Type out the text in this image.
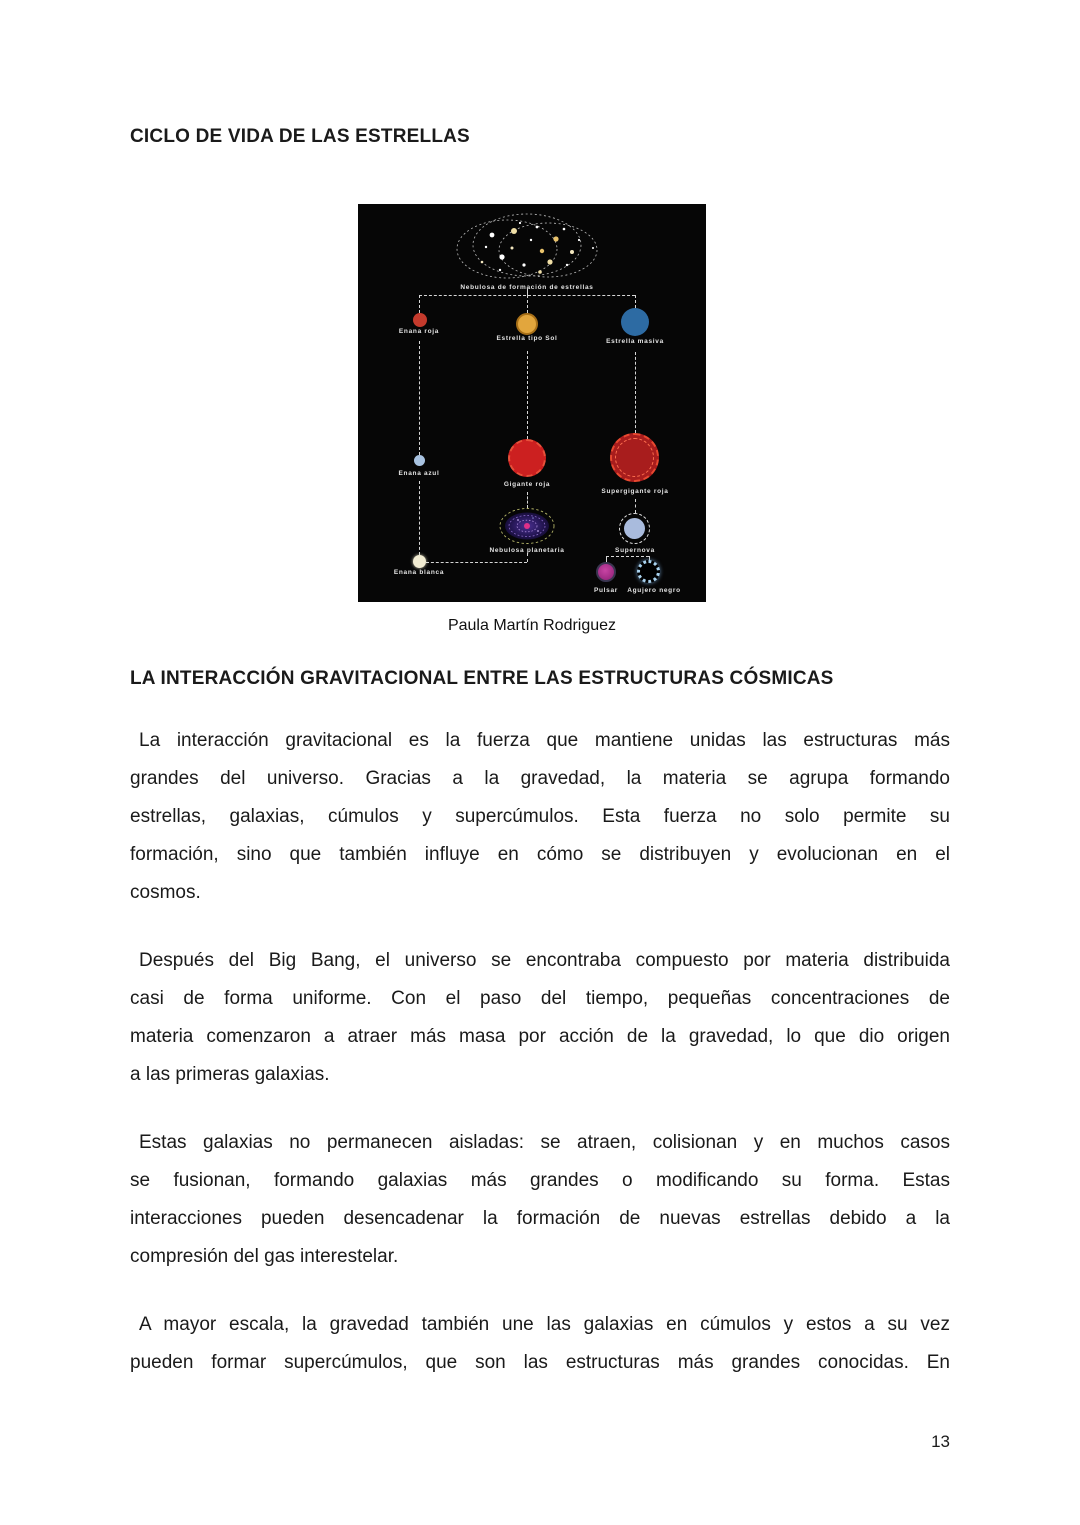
CICLO DE VIDA DE LAS ESTRELLAS
Nebulosa de formación de estrellas
Enana roja
Estrella tipo Sol	Estrella masiva
Enana azul
Gigante roja
Supergigante roja
Enana blanca
Nebulosa planetaria	Supernova
Pulsar Agujero negro
Paula Martín Rodriguez
LA INTERACCIÓN GRAVITACIONAL ENTRE LAS ESTRUCTURAS CÓSMICAS
La interacción gravitacional es la fuerza que mantiene unidas las estructuras más
grandes del universo. Gracias a la gravedad, la materia se agrupa formando
estrellas, galaxias, cúmulos y supercúmulos. Esta fuerza no solo permite su
formación, sino que también influye en cómo se distribuyen y evolucionan en el
cosmos.
Después del Big Bang, el universo se encontraba compuesto por materia distribuida
casi de forma uniforme. Con el paso del tiempo, pequeñas concentraciones de
materia comenzaron a atraer más masa por acción de la gravedad, lo que dio origen
a las primeras galaxias.
Estas galaxias no permanecen aisladas: se atraen, colisionan y en muchos casos
se fusionan, formando galaxias más grandes o modificando su forma. Estas
interacciones pueden desencadenar la formación de nuevas estrellas debido a la
compresión del gas interestelar.
A mayor escala, la gravedad también une las galaxias en cúmulos y estos a su vez
pueden formar supercúmulos, que son las estructuras más grandes conocidas. En
13
